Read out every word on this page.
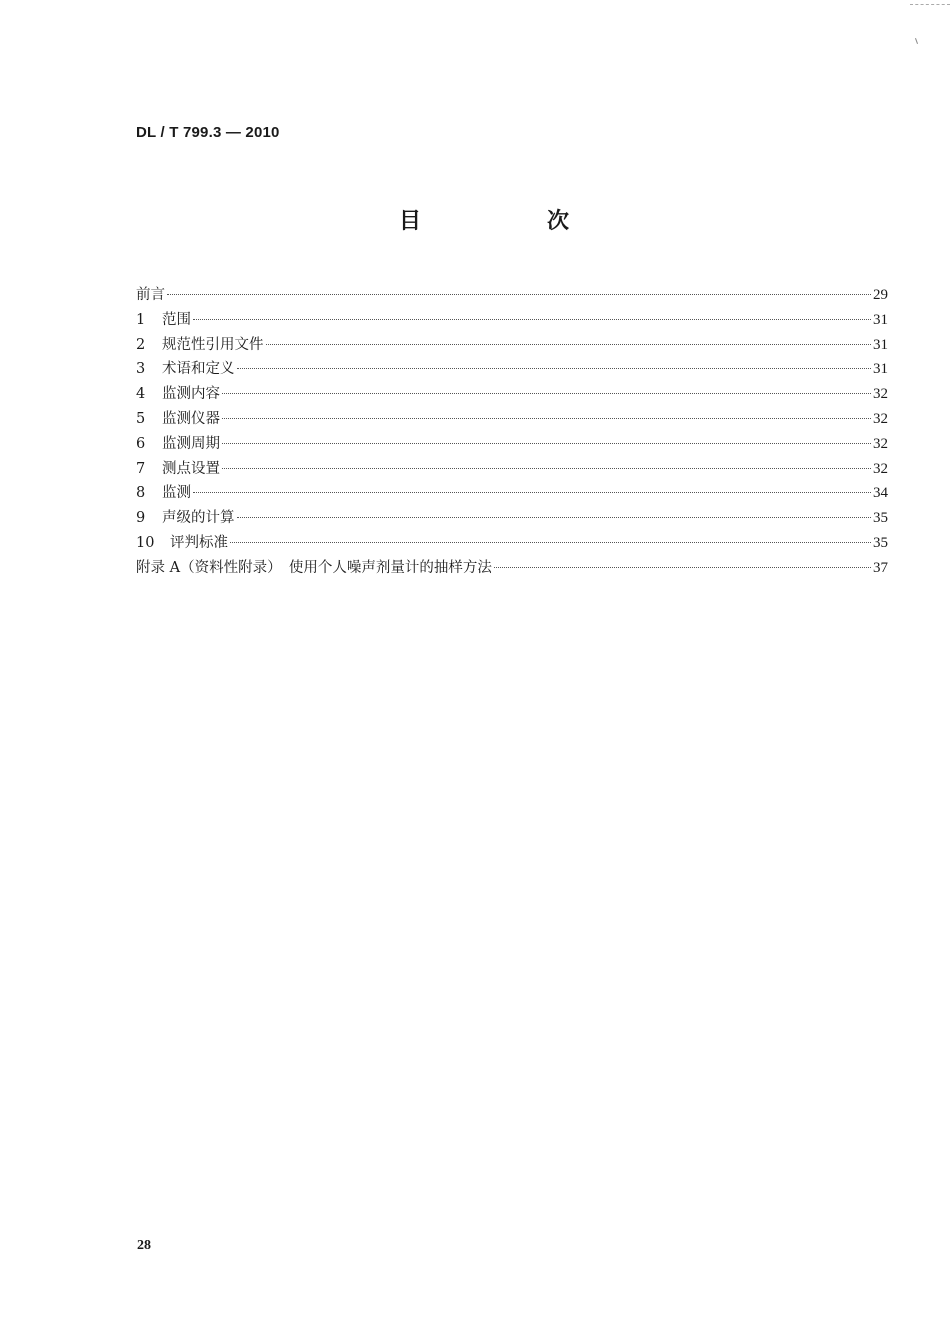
DL / T 799.3 — 2010
目　次
前言	29
1	范围	31
2	规范性引用文件	31
3	术语和定义	31
4	监测内容	32
5	监测仪器	32
6	监测周期	32
7	测点设置	32
8	监测	34
9	声级的计算	35
10	评判标准	35
附录 A（资料性附录）　使用个人噪声剂量计的抽样方法	37
28
